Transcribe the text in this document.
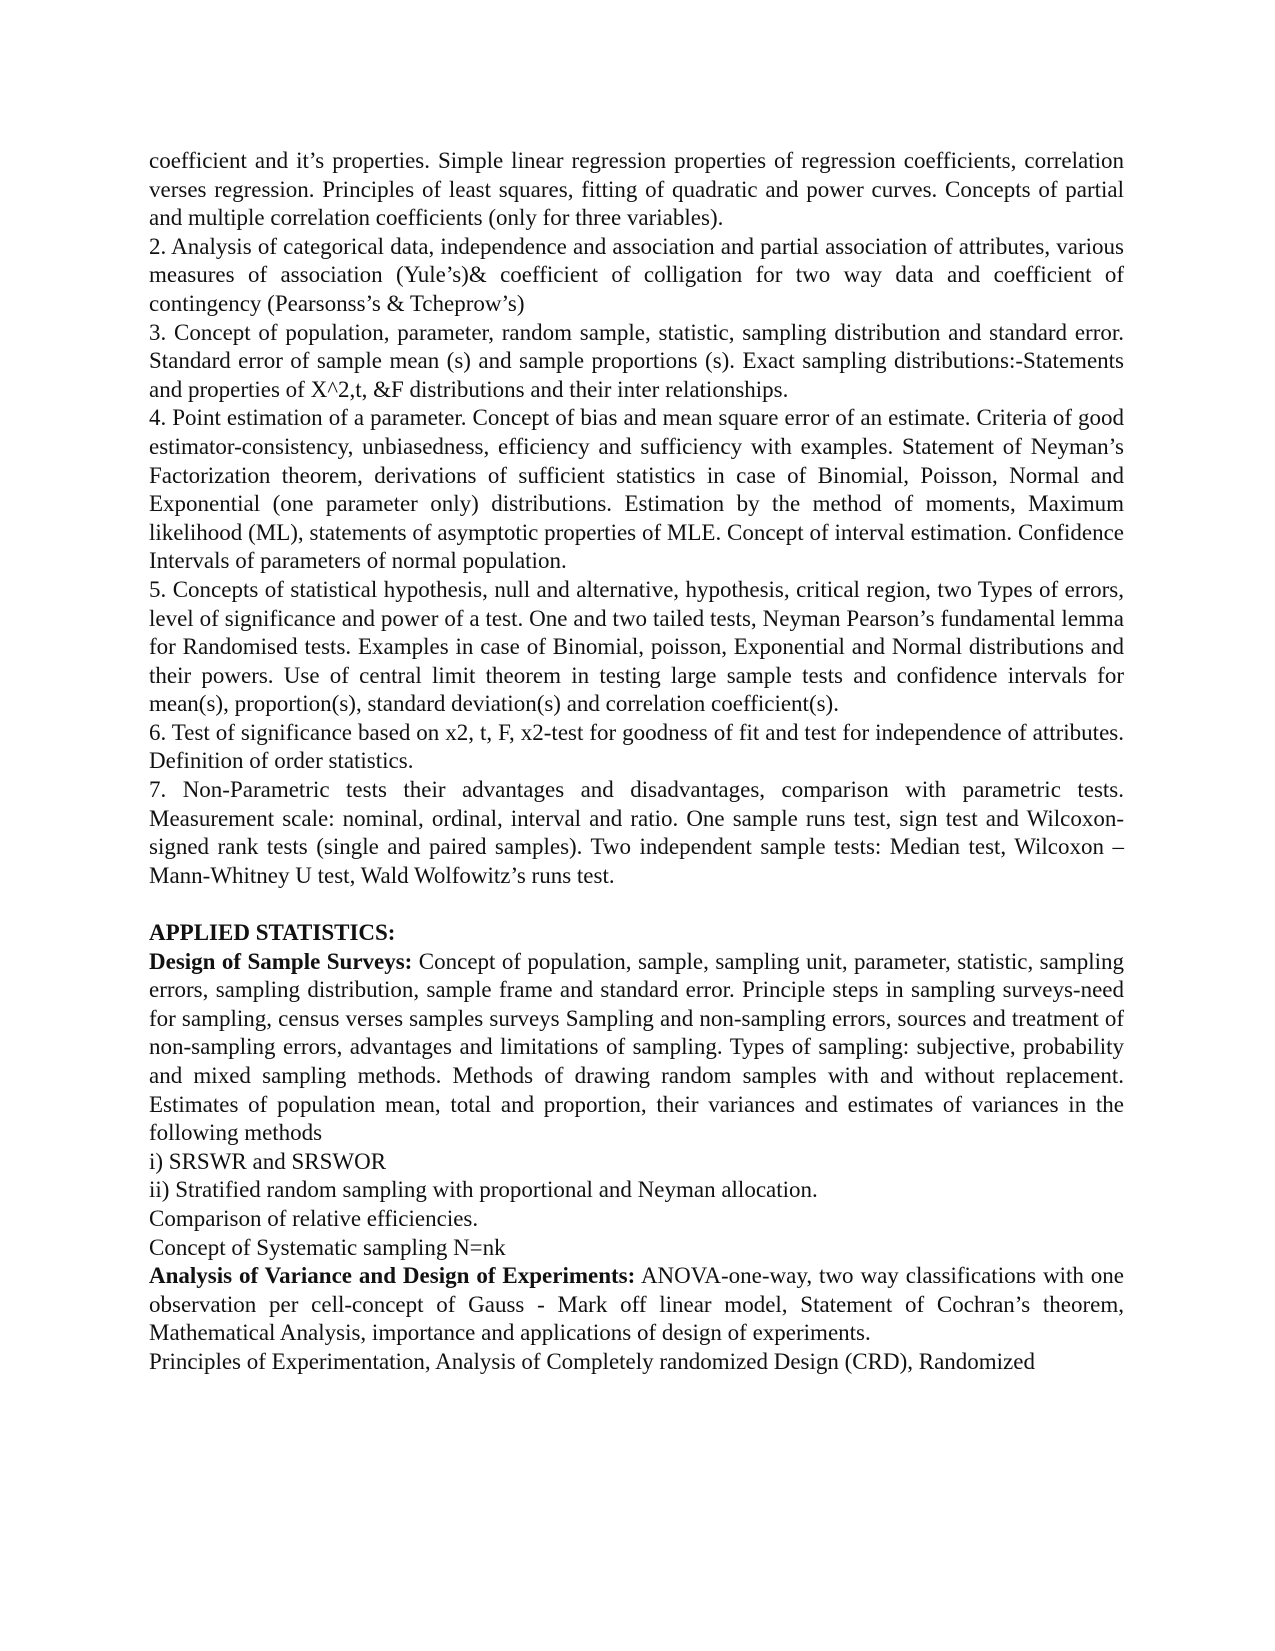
coefficient and it’s properties. Simple linear regression properties of regression coefficients, correlation verses regression. Principles of least squares, fitting of quadratic and power curves. Concepts of partial and multiple correlation coefficients (only for three variables).

2. Analysis of categorical data, independence and association and partial association of attributes, various measures of association (Yule’s)& coefficient of colligation for two way data and coefficient of contingency (Pearsonss’s & Tcheprow’s)

3. Concept of population, parameter, random sample, statistic, sampling distribution and standard error. Standard error of sample mean (s) and sample proportions (s). Exact sampling distributions:-Statements and properties of X^2,t, &F distributions and their inter relationships.

4. Point estimation of a parameter. Concept of bias and mean square error of an estimate. Criteria of good estimator-consistency, unbiasedness, efficiency and sufficiency with examples. Statement of Neyman’s Factorization theorem, derivations of sufficient statistics in case of Binomial, Poisson, Normal and Exponential (one parameter only) distributions. Estimation by the method of moments, Maximum likelihood (ML), statements of asymptotic properties of MLE. Concept of interval estimation. Confidence Intervals of parameters of normal population.

5. Concepts of statistical hypothesis, null and alternative, hypothesis, critical region, two Types of errors, level of significance and power of a test. One and two tailed tests, Neyman Pearson’s fundamental lemma for Randomised tests. Examples in case of Binomial, poisson, Exponential and Normal distributions and their powers. Use of central limit theorem in testing large sample tests and confidence intervals for mean(s), proportion(s), standard deviation(s) and correlation coefficient(s).

6. Test of significance based on x2, t, F, x2-test for goodness of fit and test for independence of attributes. Definition of order statistics.

7. Non-Parametric tests their advantages and disadvantages, comparison with parametric tests. Measurement scale: nominal, ordinal, interval and ratio. One sample runs test, sign test and Wilcoxon-signed rank tests (single and paired samples). Two independent sample tests: Median test, Wilcoxon –Mann-Whitney U test, Wald Wolfowitz’s runs test.

APPLIED STATISTICS:

Design of Sample Surveys: Concept of population, sample, sampling unit, parameter, statistic, sampling errors, sampling distribution, sample frame and standard error. Principle steps in sampling surveys-need for sampling, census verses samples surveys Sampling and non-sampling errors, sources and treatment of non-sampling errors, advantages and limitations of sampling. Types of sampling: subjective, probability and mixed sampling methods. Methods of drawing random samples with and without replacement. Estimates of population mean, total and proportion, their variances and estimates of variances in the following methods

i) SRSWR and SRSWOR

ii) Stratified random sampling with proportional and Neyman allocation.

Comparison of relative efficiencies.

Concept of Systematic sampling N=nk

Analysis of Variance and Design of Experiments: ANOVA-one-way, two way classifications with one observation per cell-concept of Gauss - Mark off linear model, Statement of Cochran’s theorem, Mathematical Analysis, importance and applications of design of experiments.

Principles of Experimentation, Analysis of Completely randomized Design (CRD), Randomized
